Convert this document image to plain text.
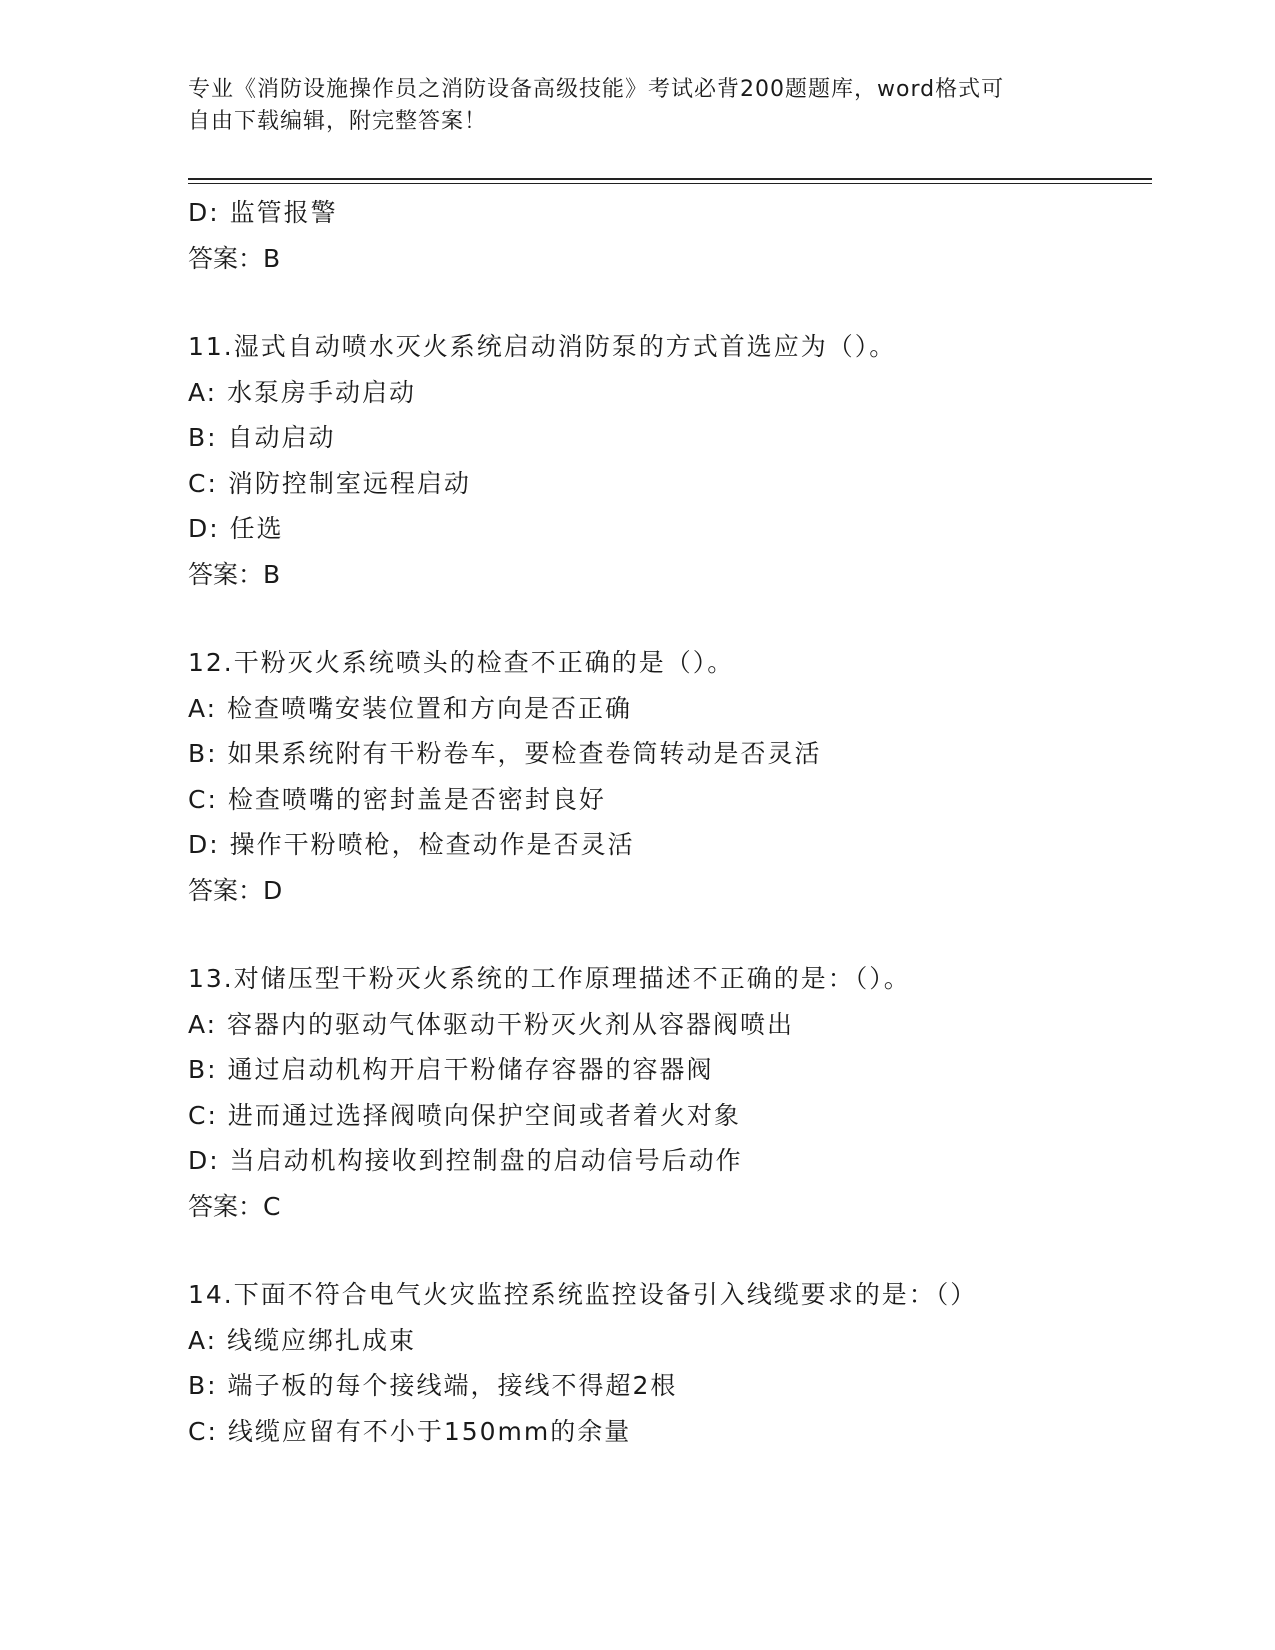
专业《消防设施操作员之消防设备高级技能》考试必背200题题库，word格式可
自由下载编辑，附完整答案！
D: 监管报警
答案：B
11.湿式自动喷水灭火系统启动消防泵的方式首选应为（）。
A: 水泵房手动启动
B: 自动启动
C: 消防控制室远程启动
D: 任选
答案：B
12.干粉灭火系统喷头的检查不正确的是（）。
A: 检查喷嘴安装位置和方向是否正确
B: 如果系统附有干粉卷车，要检查卷筒转动是否灵活
C: 检查喷嘴的密封盖是否密封良好
D: 操作干粉喷枪，检查动作是否灵活
答案：D
13.对储压型干粉灭火系统的工作原理描述不正确的是：（）。
A: 容器内的驱动气体驱动干粉灭火剂从容器阀喷出
B: 通过启动机构开启干粉储存容器的容器阀
C: 进而通过选择阀喷向保护空间或者着火对象
D: 当启动机构接收到控制盘的启动信号后动作
答案：C
14.下面不符合电气火灾监控系统监控设备引入线缆要求的是：（）
A: 线缆应绑扎成束
B: 端子板的每个接线端，接线不得超2根
C: 线缆应留有不小于150mm的余量
